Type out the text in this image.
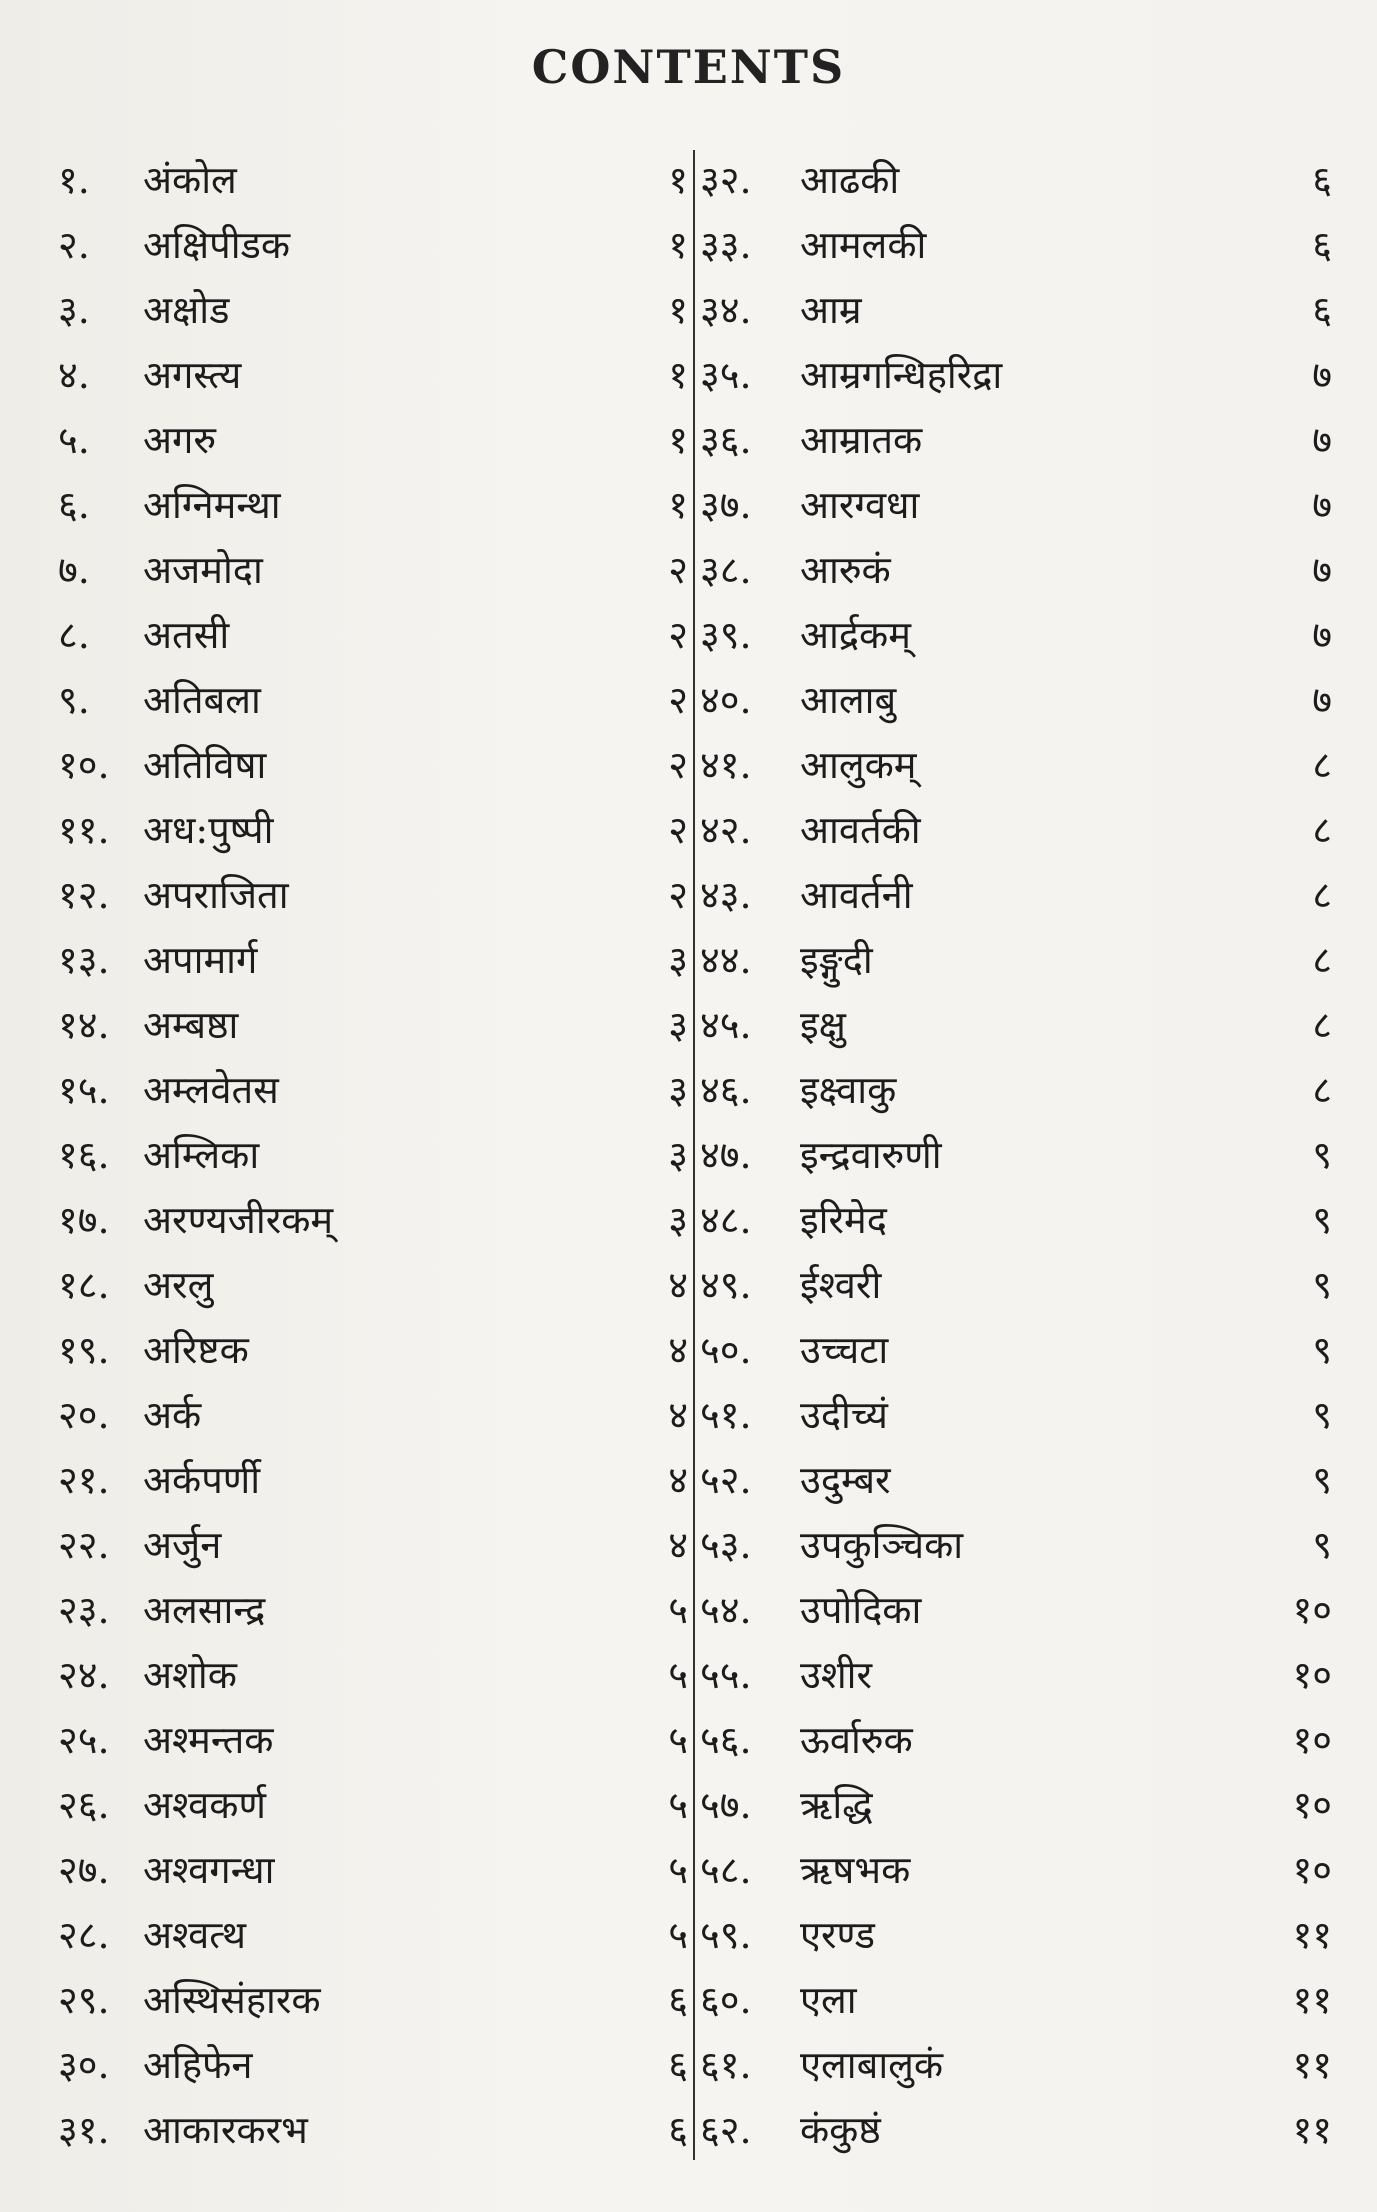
CONTENTS
१. अंकोल	१
२. अक्षिपीडक	१
३. अक्षोड	१
४. अगस्त्य	१
५. अगरु	१
६. अग्निमन्था	१
७. अजमोदा	२
८. अतसी	२
९. अतिबला	२
१०. अतिविषा	२
११. अध:पुष्पी	२
१२. अपराजिता	२
१३. अपामार्ग	३
१४. अम्बष्ठा	३
१५. अम्लवेतस	३
१६. अम्लिका	३
१७. अरण्यजीरकम्	३
१८. अरलु	४
१९. अरिष्टक	४
२०. अर्क	४
२१. अर्कपर्णी	४
२२. अर्जुन	४
२३. अलसान्द्र	५
२४. अशोक	५
२५. अश्मन्तक	५
२६. अश्वकर्ण	५
२७. अश्वगन्धा	५
२८. अश्वत्थ	५
२९. अस्थिसंहारक	६
३०. अहिफेन	६
३१. आकारकरभ	६
३२. आढकी	६
३३. आमलकी	६
३४. आम्र	६
३५. आम्रगन्धिहरिद्रा	७
३६. आम्रातक	७
३७. आरग्वधा	७
३८. आरुकं	७
३९. आर्द्रकम्	७
४०. आलाबु	७
४१. आलुकम्	८
४२. आवर्तकी	८
४३. आवर्तनी	८
४४. इङ्गुदी	८
४५. इक्षु	८
४६. इक्ष्वाकु	८
४७. इन्द्रवारुणी	९
४८. इरिमेद	९
४९. ईश्वरी	९
५०. उच्चटा	९
५१. उदीच्यं	९
५२. उदुम्बर	९
५३. उपकुञ्चिका	९
५४. उपोदिका	१०
५५. उशीर	१०
५६. ऊर्वारुक	१०
५७. ऋद्धि	१०
५८. ऋषभक	१०
५९. एरण्ड	११
६०. एला	११
६१. एलाबालुकं	११
६२. कंकुष्ठं	११
